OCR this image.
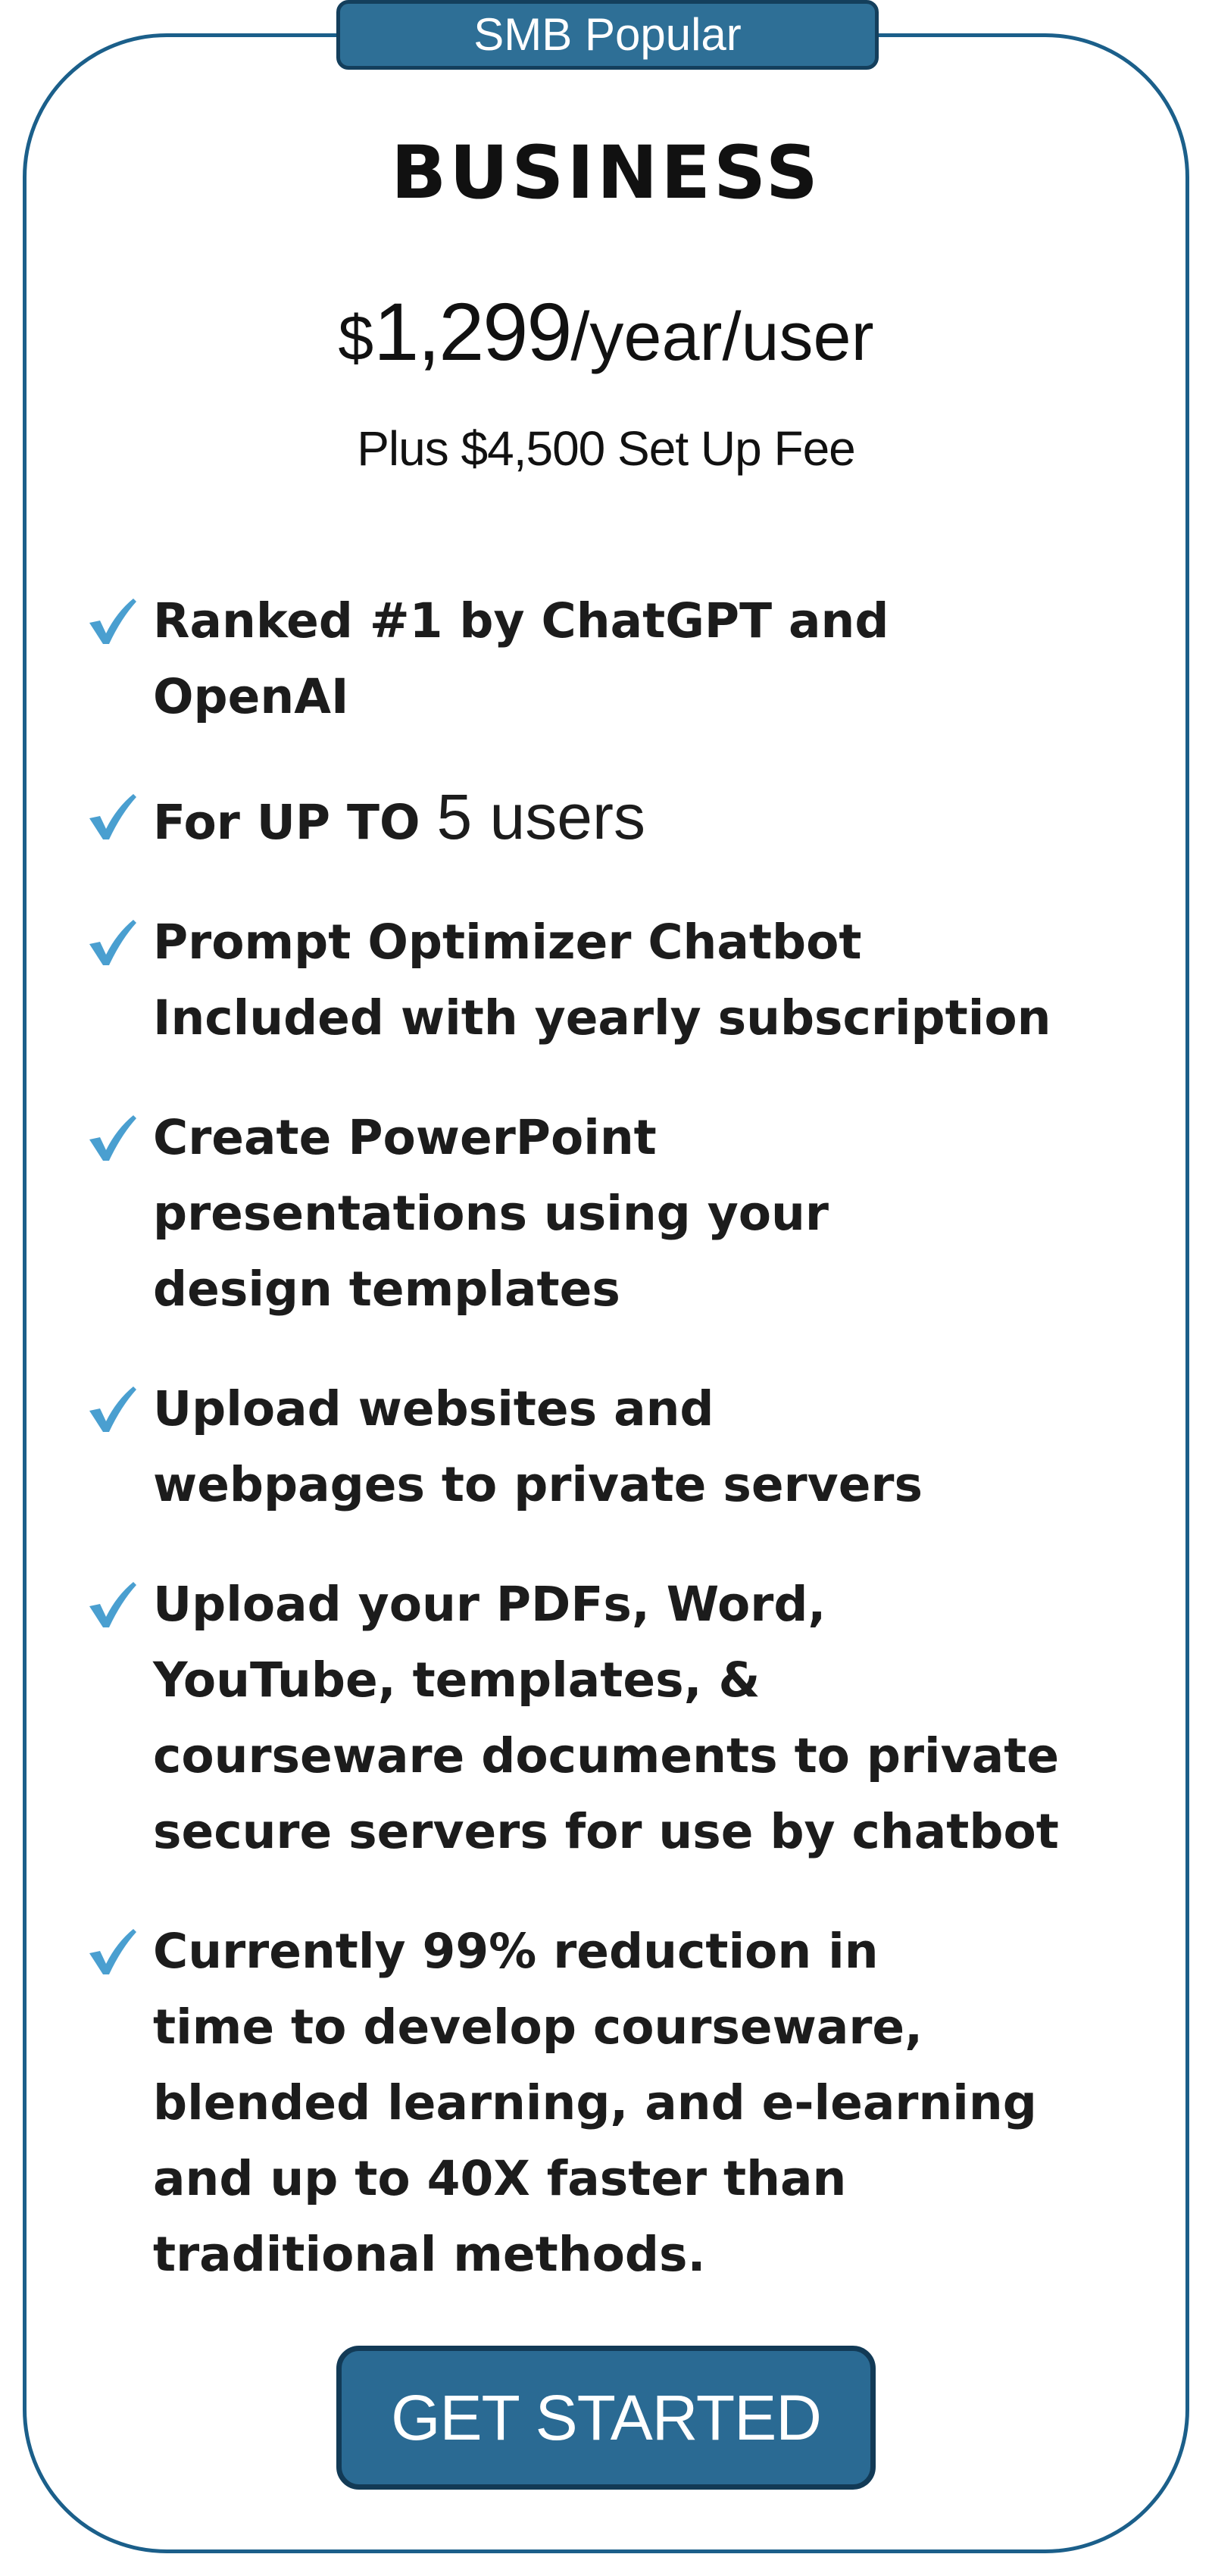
SMB Popular
BUSINESS
$1,299/year/user
Plus $4,500 Set Up Fee
Ranked #1 by ChatGPT and
OpenAI
For UP TO 5 users
Prompt Optimizer Chatbot
Included with yearly subscription
Create PowerPoint
presentations using your
design templates
Upload websites and
webpages to private servers
Upload your PDFs, Word,
YouTube, templates, &
courseware documents to private
secure servers for use by chatbot
Currently 99% reduction in
time to develop courseware,
blended learning, and e-learning
and up to 40X faster than
traditional methods.
GET STARTED
